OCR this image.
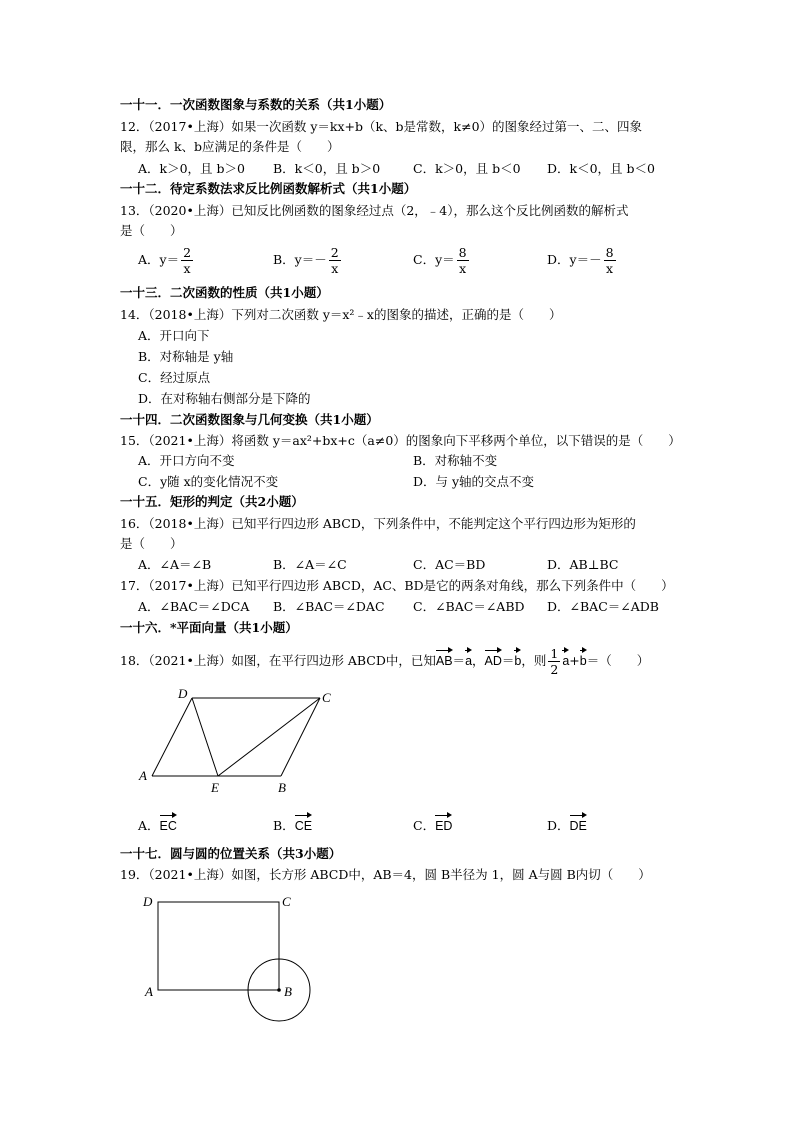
一十一．一次函数图象与系数的关系（共1小题）
12．（2017•上海）如果一次函数 y＝kx+b（k、b是常数，k≠0）的图象经过第一、二、四象
限，那么 k、b应满足的条件是（　　）
A．k＞0，且 b＞0 B．k＜0，且 b＞0	C．k＞0，且 b＜0 D．k＜0，且 b＜0
一十二．待定系数法求反比例函数解析式（共1小题）
13．（2020•上海）已知反比例函数的图象经过点（2，﹣4），那么这个反比例函数的解析式
是（　　）
A．$y= \frac{2}{x}$	B．$y=- \frac{2}{x}$	C．$y= \frac{8}{x}$	D．$y=- \frac{8}{x}$
一十三．二次函数的性质（共1小题）
14．（2018•上海）下列对二次函数 y＝x²﹣x的图象的描述，正确的是（　　）
A．开口向下
B．对称轴是 y轴
C．经过原点
D．在对称轴右侧部分是下降的
一十四．二次函数图象与几何变换（共1小题）
15．（2021•上海）将函数 y＝ax²+bx+c（a≠0）的图象向下平移两个单位，以下错误的是（　　）
A．开口方向不变	B．对称轴不变
C．y随 x的变化情况不变	D．与 y轴的交点不变
一十五．矩形的判定（共2小题）
16．（2018•上海）已知平行四边形 ABCD，下列条件中，不能判定这个平行四边形为矩形的
是（　　）
A．∠A＝∠B	B．∠A＝∠C	C．AC＝BD	D．AB⊥BC
17．（2017•上海）已知平行四边形 ABCD，AC、BD是它的两条对角线，那么下列条件中（　　）
A．∠BAC＝∠DCA B．∠BAC＝∠DAC C．∠BAC＝∠ABD D．∠BAC＝∠ADB
一十六．*平面向量（共1小题）
18．（2021•上海）如图，在平行四边形 ABCD中，已知AB＝a，AD＝b，则 $\frac{1}{2} a+b=$（　　）
A
B
C
D
E
A．EC	B．CE	C．ED	D．DE
一十七．圆与圆的位置关系（共3小题）
19．（2021•上海）如图，长方形 ABCD中，AB＝4，圆 B半径为 1，圆 A与圆 B内切（　　）
A	B
C
D
